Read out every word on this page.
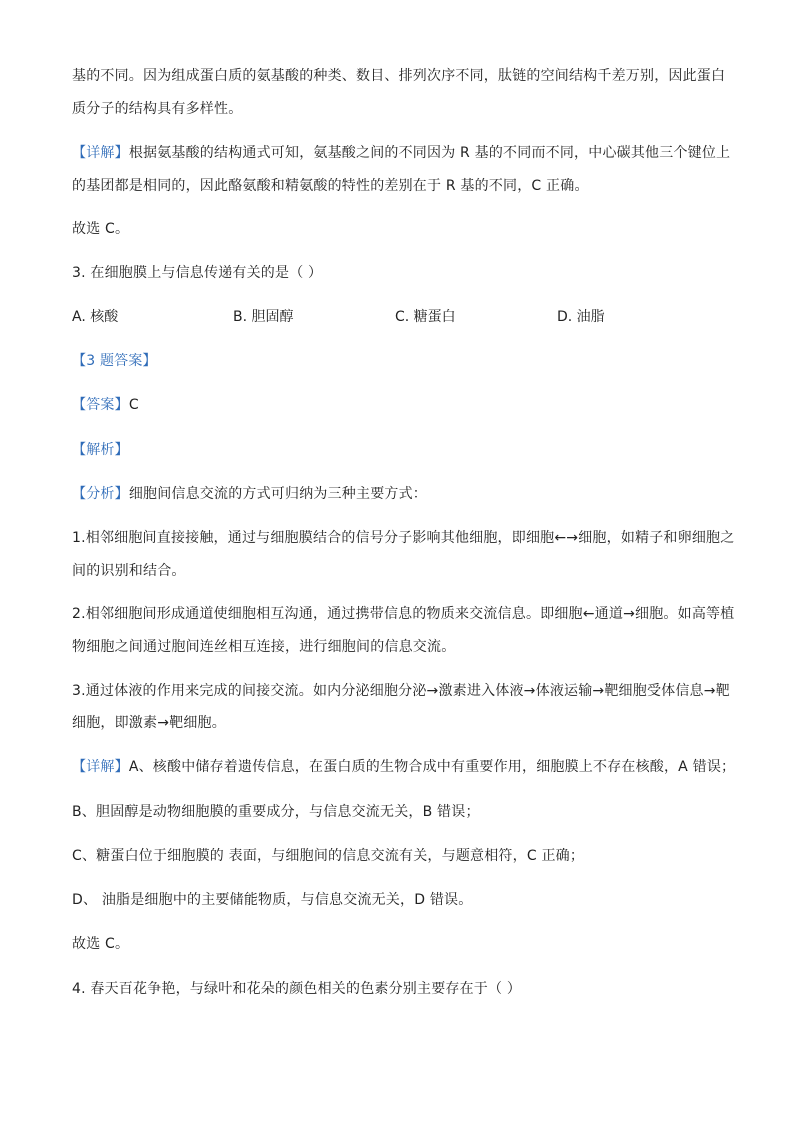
基的不同。因为组成蛋白质的氨基酸的种类、数目、排列次序不同，肽链的空间结构千差万别，因此蛋白
质分子的结构具有多样性。
【详解】根据氨基酸的结构通式可知，氨基酸之间的不同因为 R 基的不同而不同，中心碳其他三个键位上
的基团都是相同的，因此酪氨酸和精氨酸的特性的差别在于 R 基的不同，C 正确。
故选 C。
3. 在细胞膜上与信息传递有关的是（ ）
A. 核酸	B. 胆固醇	C. 糖蛋白	D. 油脂
【3 题答案】
【答案】C
【解析】
【分析】细胞间信息交流的方式可归纳为三种主要方式：
1.相邻细胞间直接接触，通过与细胞膜结合的信号分子影响其他细胞，即细胞←→细胞，如精子和卵细胞之
间的识别和结合。
2.相邻细胞间形成通道使细胞相互沟通，通过携带信息的物质来交流信息。即细胞←通道→细胞。如高等植
物细胞之间通过胞间连丝相互连接，进行细胞间的信息交流。
3.通过体液的作用来完成的间接交流。如内分泌细胞分泌→激素进入体液→体液运输→靶细胞受体信息→靶
细胞，即激素→靶细胞。
【详解】A、核酸中储存着遗传信息，在蛋白质的生物合成中有重要作用，细胞膜上不存在核酸，A 错误；
B、胆固醇是动物细胞膜的重要成分，与信息交流无关，B 错误；
C、糖蛋白位于细胞膜的 表面，与细胞间的信息交流有关，与题意相符，C 正确；
D、 油脂是细胞中的主要储能物质，与信息交流无关，D 错误。
故选 C。
4. 春天百花争艳，与绿叶和花朵的颜色相关的色素分别主要存在于（ ）
